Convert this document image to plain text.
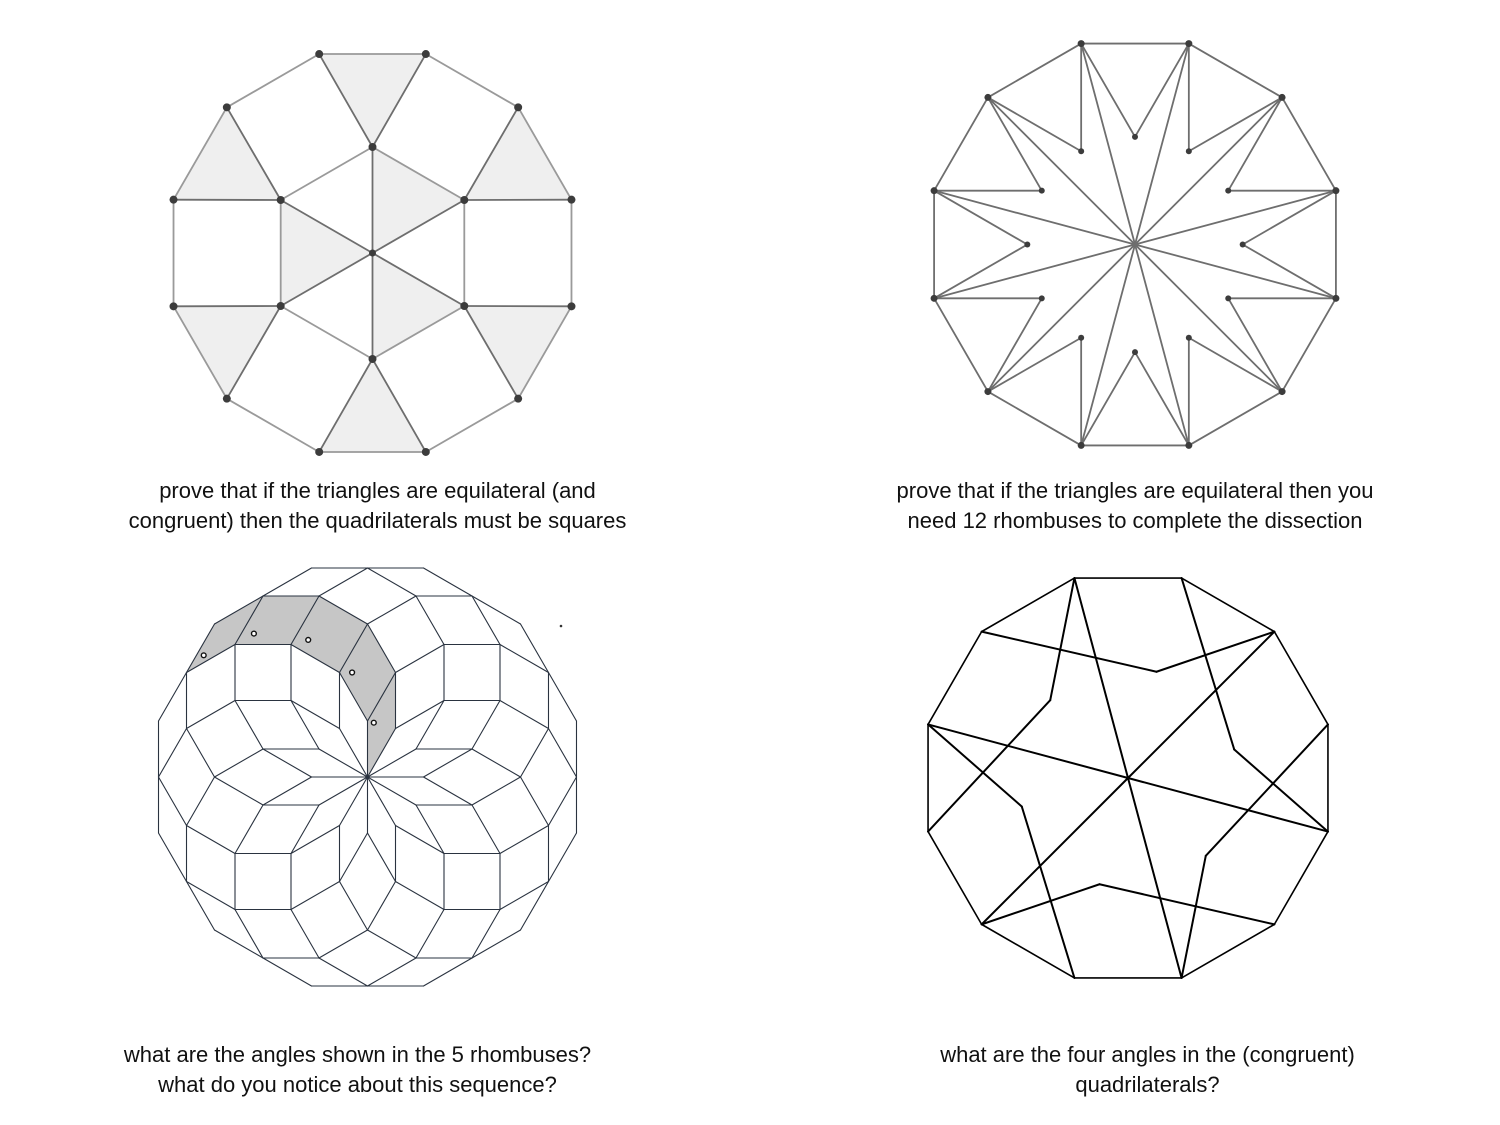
prove that if the triangles are equilateral (and
congruent) then the quadrilaterals must be squares
prove that if the triangles are equilateral then you
need 12 rhombuses to complete the dissection
what are the angles shown in the 5 rhombuses?
what do you notice about this sequence?
what are the four angles in the (congruent)
quadrilaterals?
